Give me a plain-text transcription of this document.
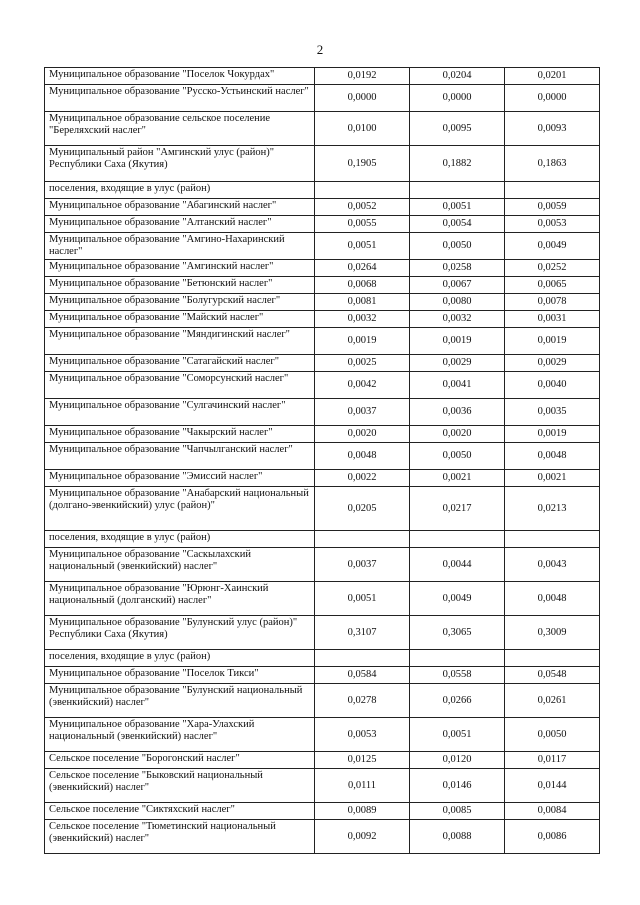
2
Муниципальное образование "Поселок Чокурдах"	0,0192	0,0204	0,0201
Муниципальное образование "Русско-Устьинский наслег"	0,0000	0,0000	0,0000
Муниципальное образование сельское поселение "Береляхский наслег"	0,0100	0,0095	0,0093
Муниципальный район "Амгинский улус (район)" Республики Саха (Якутия)	0,1905	0,1882	0,1863
поселения, входящие в улус (район)			
Муниципальное образование "Абагинский наслег"	0,0052	0,0051	0,0059
Муниципальное образование "Алтанский наслег"	0,0055	0,0054	0,0053
Муниципальное образование "Амгино-Нахаринский наслег"	0,0051	0,0050	0,0049
Муниципальное образование "Амгинский наслег"	0,0264	0,0258	0,0252
Муниципальное образование "Бетюнский наслег"	0,0068	0,0067	0,0065
Муниципальное образование "Болугурский наслег"	0,0081	0,0080	0,0078
Муниципальное образование "Майский наслег"	0,0032	0,0032	0,0031
Муниципальное образование "Мяндигинский наслег"	0,0019	0,0019	0,0019
Муниципальное образование "Сатагайский наслег"	0,0025	0,0029	0,0029
Муниципальное образование "Соморсунский наслег"	0,0042	0,0041	0,0040
Муниципальное образование "Сулгачинский наслег"	0,0037	0,0036	0,0035
Муниципальное образование "Чакырский наслег"	0,0020	0,0020	0,0019
Муниципальное образование "Чапчылганский наслег"	0,0048	0,0050	0,0048
Муниципальное образование "Эмиссий наслег"	0,0022	0,0021	0,0021
Муниципальное образование "Анабарский национальный (долгано-эвенкийский) улус (район)"	0,0205	0,0217	0,0213
поселения, входящие в улус (район)			
Муниципальное образование "Саскылахский национальный (эвенкийский) наслег"	0,0037	0,0044	0,0043
Муниципальное образование "Юрюнг-Хаинский национальный (долганский) наслег"	0,0051	0,0049	0,0048
Муниципальное образование "Булунский улус (район)" Республики Саха (Якутия)	0,3107	0,3065	0,3009
поселения, входящие в улус (район)			
Муниципальное образование "Поселок Тикси"	0,0584	0,0558	0,0548
Муниципальное образование "Булунский национальный (эвенкийский) наслег"	0,0278	0,0266	0,0261
Муниципальное образование "Хара-Улахский национальный (эвенкийский) наслег"	0,0053	0,0051	0,0050
Сельское поселение "Борогонский наслег"	0,0125	0,0120	0,0117
Сельское поселение "Быковский национальный (эвенкийский) наслег"	0,0111	0,0146	0,0144
Сельское поселение "Сиктяхский наслег"	0,0089	0,0085	0,0084
Сельское поселение "Тюметинский национальный (эвенкийский) наслег"	0,0092	0,0088	0,0086
